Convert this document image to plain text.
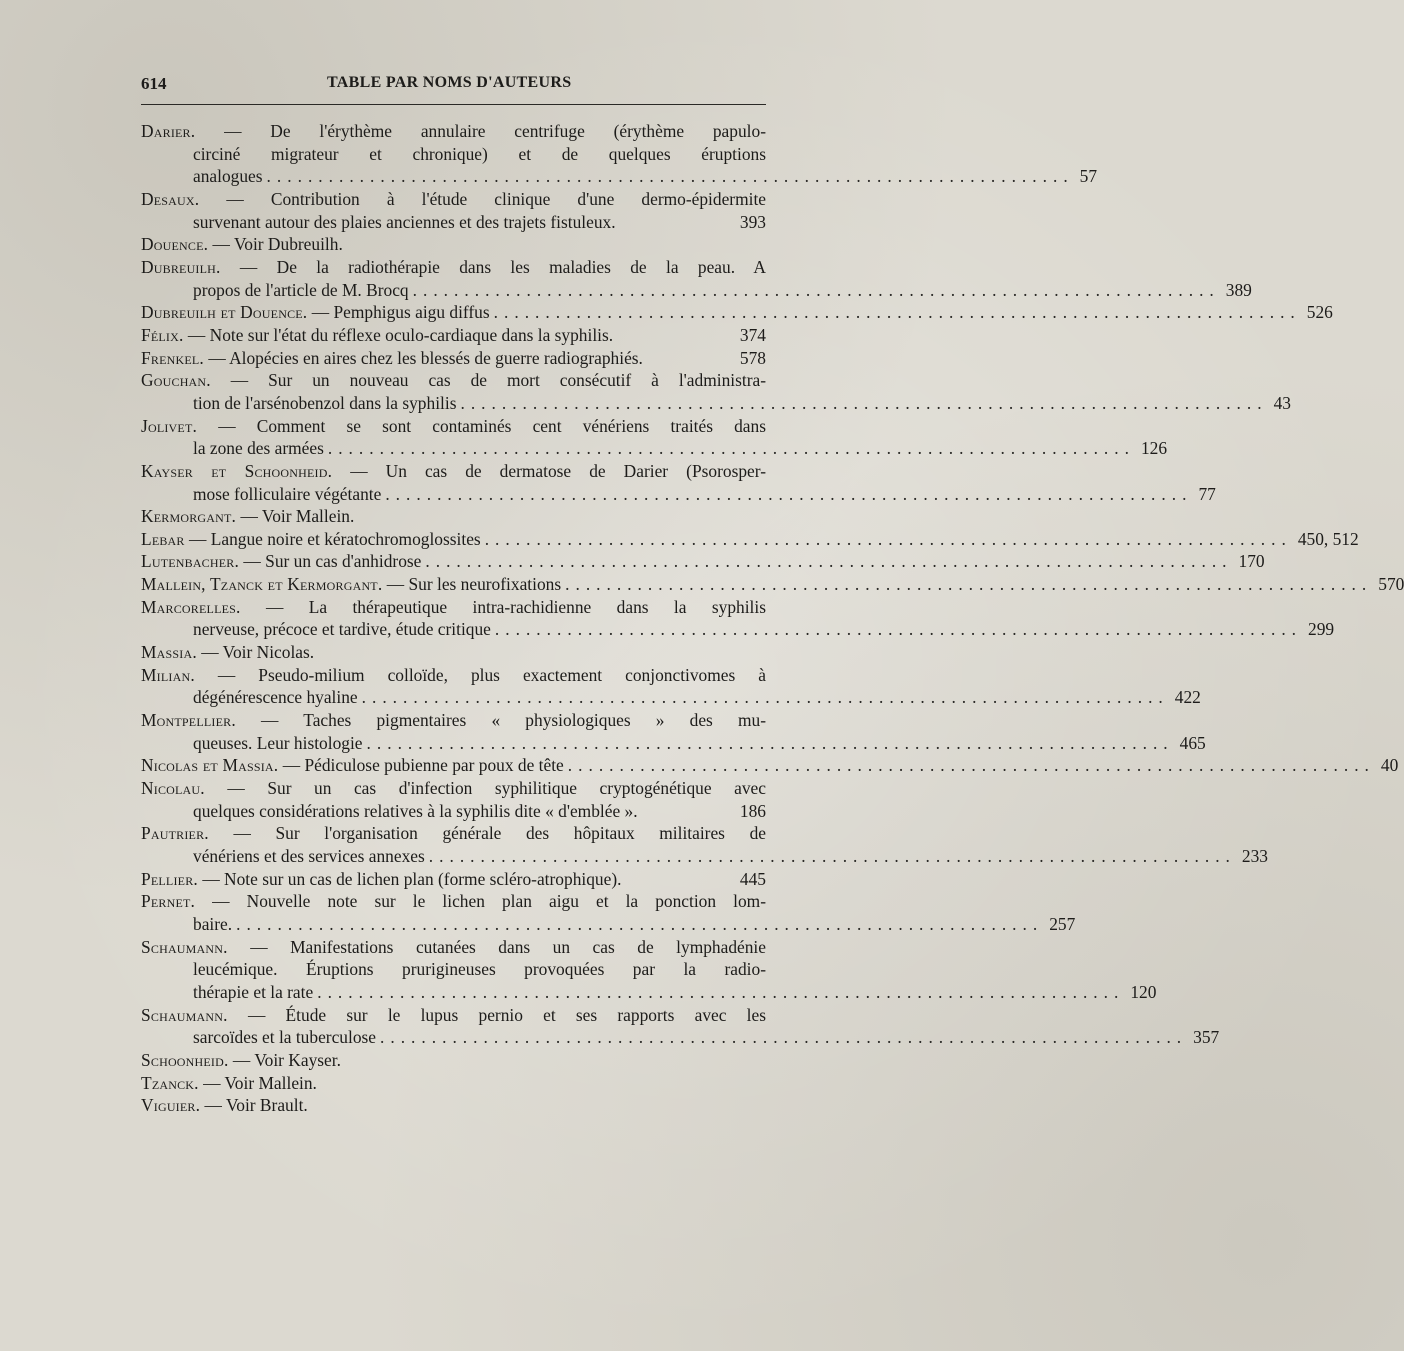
614	TABLE PAR NOMS D'AUTEURS
Darier. — De l'érythème annulaire centrifuge (érythème papulo-
circiné migrateur et chronique) et de quelques éruptions
analogues .............................................................................. 57
Desaux. — Contribution à l'étude clinique d'une dermo-épidermite
survenant autour des plaies anciennes et des trajets fistuleux.	393
Douence. — Voir Dubreuilh.
Dubreuilh. — De la radiothérapie dans les maladies de la peau. A
propos de l'article de M. Brocq .............................................................................. 389
Dubreuilh et Douence. — Pemphigus aigu diffus .............................................................................. 526
Félix. — Note sur l'état du réflexe oculo-cardiaque dans la syphilis.	374
Frenkel. — Alopécies en aires chez les blessés de guerre radiographiés.	578
Gouchan. — Sur un nouveau cas de mort consécutif à l'administra-
tion de l'arsénobenzol dans la syphilis .............................................................................. 43
Jolivet. — Comment se sont contaminés cent vénériens traités dans
la zone des armées .............................................................................. 126
Kayser et Schoonheid. — Un cas de dermatose de Darier (Psorosper-
mose folliculaire végétante .............................................................................. 77
Kermorgant. — Voir Mallein.
Lebar — Langue noire et kératochromoglossites .............................................................................. 450, 512
Lutenbacher. — Sur un cas d'anhidrose .............................................................................. 170
Mallein, Tzanck et Kermorgant. — Sur les neurofixations .............................................................................. 570
Marcorelles. — La thérapeutique intra-rachidienne dans la syphilis
nerveuse, précoce et tardive, étude critique .............................................................................. 299
Massia. — Voir Nicolas.
Milian. — Pseudo-milium colloïde, plus exactement conjonctivomes à
dégénérescence hyaline .............................................................................. 422
Montpellier. — Taches pigmentaires « physiologiques » des mu-
queuses. Leur histologie .............................................................................. 465
Nicolas et Massia. — Pédiculose pubienne par poux de tête .............................................................................. 40
Nicolau. — Sur un cas d'infection syphilitique cryptogénétique avec
quelques considérations relatives à la syphilis dite « d'emblée ».	186
Pautrier. — Sur l'organisation générale des hôpitaux militaires de
vénériens et des services annexes .............................................................................. 233
Pellier. — Note sur un cas de lichen plan (forme scléro-atrophique).	445
Pernet. — Nouvelle note sur le lichen plan aigu et la ponction lom-
baire. .............................................................................. 257
Schaumann. — Manifestations cutanées dans un cas de lymphadénie
leucémique. Éruptions prurigineuses provoquées par la radio-
thérapie et la rate .............................................................................. 120
Schaumann. — Étude sur le lupus pernio et ses rapports avec les
sarcoïdes et la tuberculose .............................................................................. 357
Schoonheid. — Voir Kayser.
Tzanck. — Voir Mallein.
Viguier. — Voir Brault.
